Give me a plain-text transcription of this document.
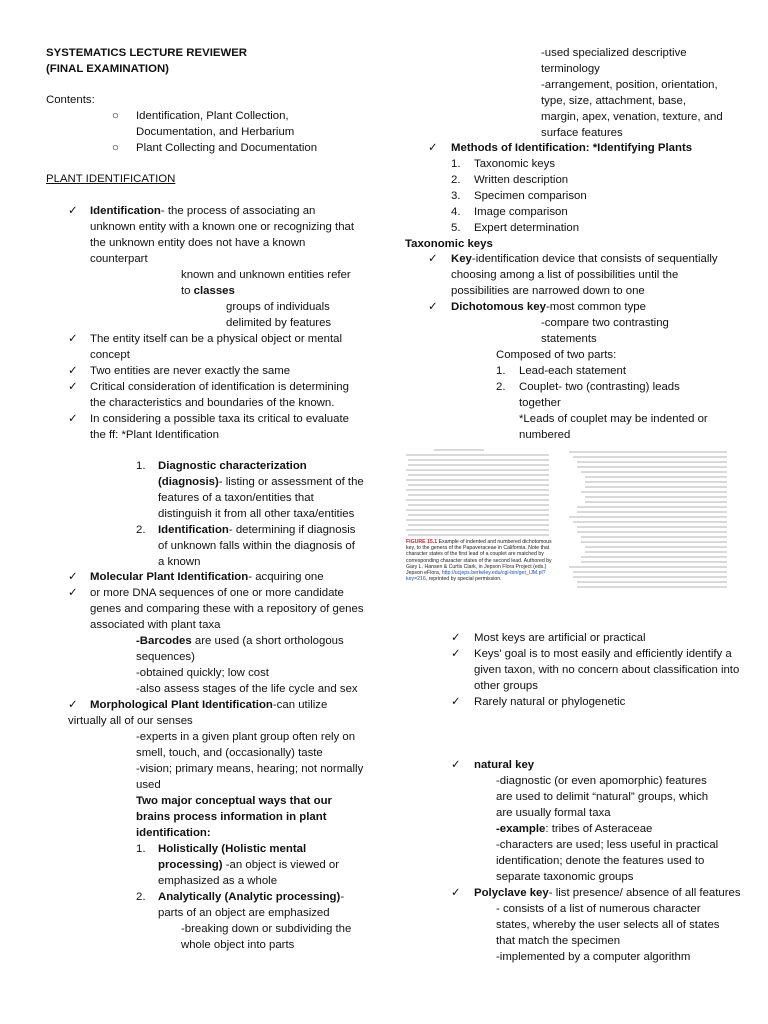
SYSTEMATICS LECTURE REVIEWER
(FINAL EXAMINATION)
Contents:
○ Identification, Plant Collection,
Documentation, and Herbarium
○ Plant Collecting and Documentation
PLANT IDENTIFICATION
✓ Identification- the process of associating an
unknown entity with a known one or recognizing that
the unknown entity does not have a known
counterpart
known and unknown entities refer
to classes
groups of individuals
delimited by features
✓ The entity itself can be a physical object or mental
concept
✓ Two entities are never exactly the same
✓ Critical consideration of identification is determining
the characteristics and boundaries of the known.
✓ In considering a possible taxa its critical to evaluate
the ff: *Plant Identification
1. Diagnostic characterization
(diagnosis)- listing or assessment of the
features of a taxon/entities that
distinguish it from all other taxa/entities
2. Identification- determining if diagnosis
of unknown falls within the diagnosis of
a known
✓ Molecular Plant Identification- acquiring one
✓ or more DNA sequences of one or more candidate
genes and comparing these with a repository of genes
associated with plant taxa
-Barcodes are used (a short orthologous
sequences)
-obtained quickly; low cost
-also assess stages of the life cycle and sex
✓ Morphological Plant Identification-can utilize
virtually all of our senses
-experts in a given plant group often rely on
smell, touch, and (occasionally) taste
-vision; primary means, hearing; not normally
used
Two major conceptual ways that our
brains process information in plant
identification:
1. Holistically (Holistic mental
processing) -an object is viewed or
emphasized as a whole
2. Analytically (Analytic processing)-
parts of an object are emphasized
-breaking down or subdividing the
whole object into parts
-used specialized descriptive
terminology
-arrangement, position, orientation,
type, size, attachment, base,
margin, apex, venation, texture, and
surface features
✓ Methods of Identification: *Identifying Plants
1. Taxonomic keys
2. Written description
3. Specimen comparison
4. Image comparison
5. Expert determination
Taxonomic keys
✓ Key-identification device that consists of sequentially
choosing among a list of possibilities until the
possibilities are narrowed down to one
✓ Dichotomous key-most common type
-compare two contrasting
statements
Composed of two parts:
1. Lead-each statement
2. Couplet- two (contrasting) leads
together
*Leads of couplet may be indented or
numbered
FIGURE 15.1 Example of indented and numbered dichotomous key, to the genera of the Papaveraceae in California. Note that character states of the first lead of a couplet are matched by corresponding character states of the second lead. Authored by Gary L. Hansen & Curtis Clark, in Jepson Flora Project (eds.) Jepson eFlora, http://ucjeps.berkeley.edu/cgi-bin/get_IJM.pl? key=216, reprinted by special permission.
✓ Most keys are artificial or practical
✓ Keys' goal is to most easily and efficiently identify a
given taxon, with no concern about classification into
other groups
✓ Rarely natural or phylogenetic
✓ natural key
-diagnostic (or even apomorphic) features
are used to delimit “natural” groups, which
are usually formal taxa
-example: tribes of Asteraceae
-characters are used; less useful in practical
identification; denote the features used to
separate taxonomic groups
✓ Polyclave key- list presence/ absence of all features
- consists of a list of numerous character
states, whereby the user selects all of states
that match the specimen
-implemented by a computer algorithm
